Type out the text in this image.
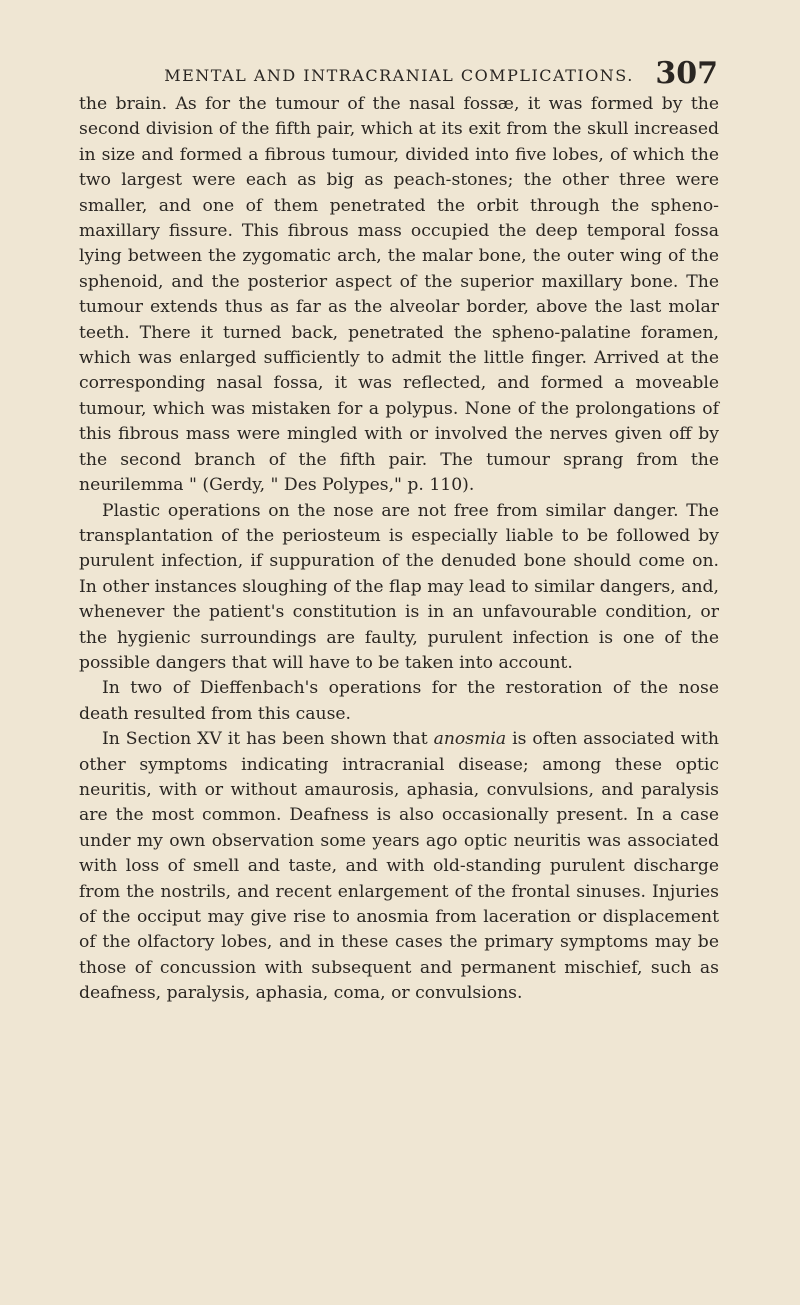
MENTAL AND INTRACRANIAL COMPLICATIONS. 307

the brain. As for the tumour of the nasal fossæ, it was formed by the second division of the fifth pair, which at its exit from the skull increased in size and formed a fibrous tumour, divided into five lobes, of which the two largest were each as big as peach-stones; the other three were smaller, and one of them penetrated the orbit through the spheno-maxillary fissure. This fibrous mass occupied the deep temporal fossa lying between the zygomatic arch, the malar bone, the outer wing of the sphenoid, and the posterior aspect of the superior maxillary bone. The tumour extends thus as far as the alveolar border, above the last molar teeth. There it turned back, penetrated the spheno-palatine foramen, which was enlarged sufficiently to admit the little finger. Arrived at the corresponding nasal fossa, it was reflected, and formed a moveable tumour, which was mistaken for a polypus. None of the prolongations of this fibrous mass were mingled with or involved the nerves given off by the second branch of the fifth pair. The tumour sprang from the neurilemma " (Gerdy, " Des Polypes," p. 110).

Plastic operations on the nose are not free from similar danger. The transplantation of the periosteum is especially liable to be followed by purulent infection, if suppuration of the denuded bone should come on. In other instances sloughing of the flap may lead to similar dangers, and, whenever the patient's constitution is in an unfavourable condition, or the hygienic surroundings are faulty, purulent infection is one of the possible dangers that will have to be taken into account.

In two of Dieffenbach's operations for the restoration of the nose death resulted from this cause.

In Section XV it has been shown that anosmia is often associated with other symptoms indicating intracranial disease; among these optic neuritis, with or without amaurosis, aphasia, convulsions, and paralysis are the most common. Deafness is also occasionally present. In a case under my own observation some years ago optic neuritis was associated with loss of smell and taste, and with old-standing purulent discharge from the nostrils, and recent enlargement of the frontal sinuses. Injuries of the occiput may give rise to anosmia from laceration or displacement of the olfactory lobes, and in these cases the primary symptoms may be those of concussion with subsequent and permanent mischief, such as deafness, paralysis, aphasia, coma, or convulsions.
